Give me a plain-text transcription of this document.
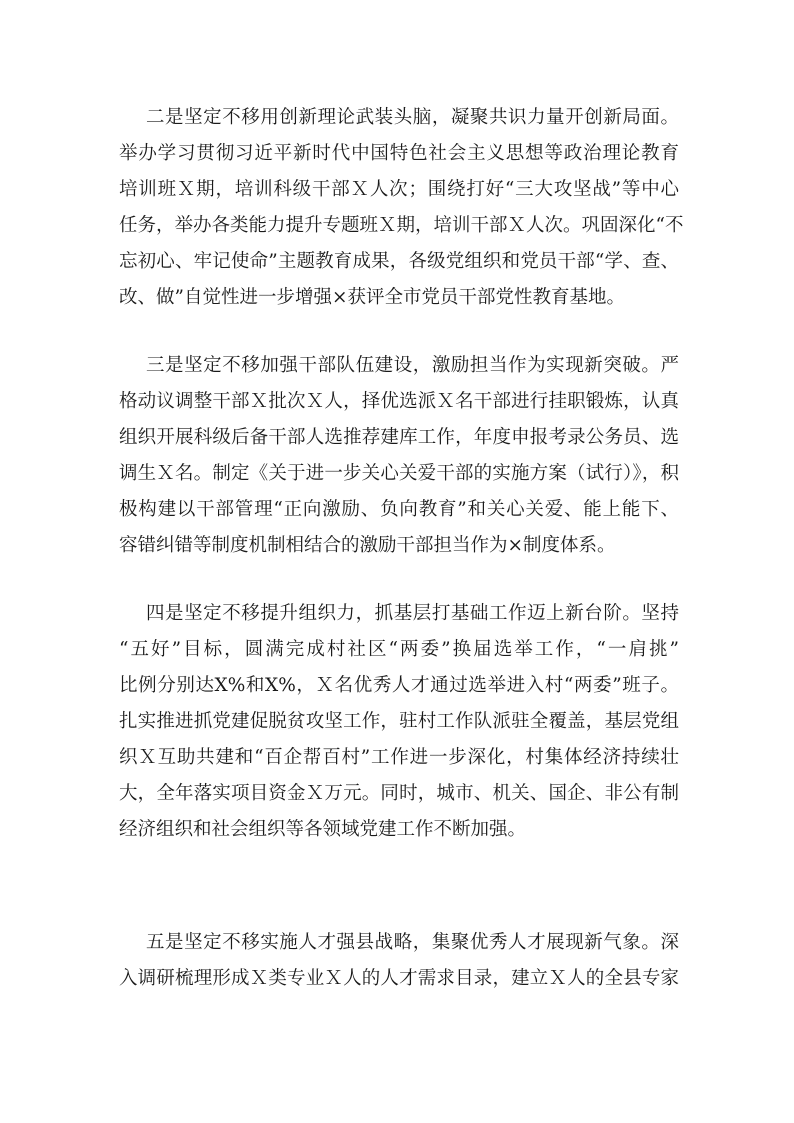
二是坚定不移用创新理论武装头脑，凝聚共识力量开创新局面。
举办学习贯彻习近平新时代中国特色社会主义思想等政治理论教育
培训班Ｘ期，培训科级干部Ｘ人次；围绕打好“三大攻坚战”等中心
任务，举办各类能力提升专题班Ｘ期，培训干部Ｘ人次。巩固深化“不
忘初心、牢记使命”主题教育成果，各级党组织和党员干部“学、查、
改、做”自觉性进一步增强×获评全市党员干部党性教育基地。
三是坚定不移加强干部队伍建设，激励担当作为实现新突破。严
格动议调整干部Ｘ批次Ｘ人，择优选派Ｘ名干部进行挂职锻炼，认真
组织开展科级后备干部人选推荐建库工作，年度申报考录公务员、选
调生Ｘ名。制定《关于进一步关心关爱干部的实施方案（试行）》，积
极构建以干部管理“正向激励、负向教育”和关心关爱、能上能下、
容错纠错等制度机制相结合的激励干部担当作为×制度体系。
四是坚定不移提升组织力，抓基层打基础工作迈上新台阶。坚持
“五好”目标，圆满完成村社区“两委”换届选举工作，“一肩挑”
比例分别达X%和X%，Ｘ名优秀人才通过选举进入村“两委”班子。
扎实推进抓党建促脱贫攻坚工作，驻村工作队派驻全覆盖，基层党组
织Ｘ互助共建和“百企帮百村”工作进一步深化，村集体经济持续壮
大，全年落实项目资金Ｘ万元。同时，城市、机关、国企、非公有制
经济组织和社会组织等各领域党建工作不断加强。
五是坚定不移实施人才强县战略，集聚优秀人才展现新气象。深
入调研梳理形成Ｘ类专业Ｘ人的人才需求目录，建立Ｘ人的全县专家
